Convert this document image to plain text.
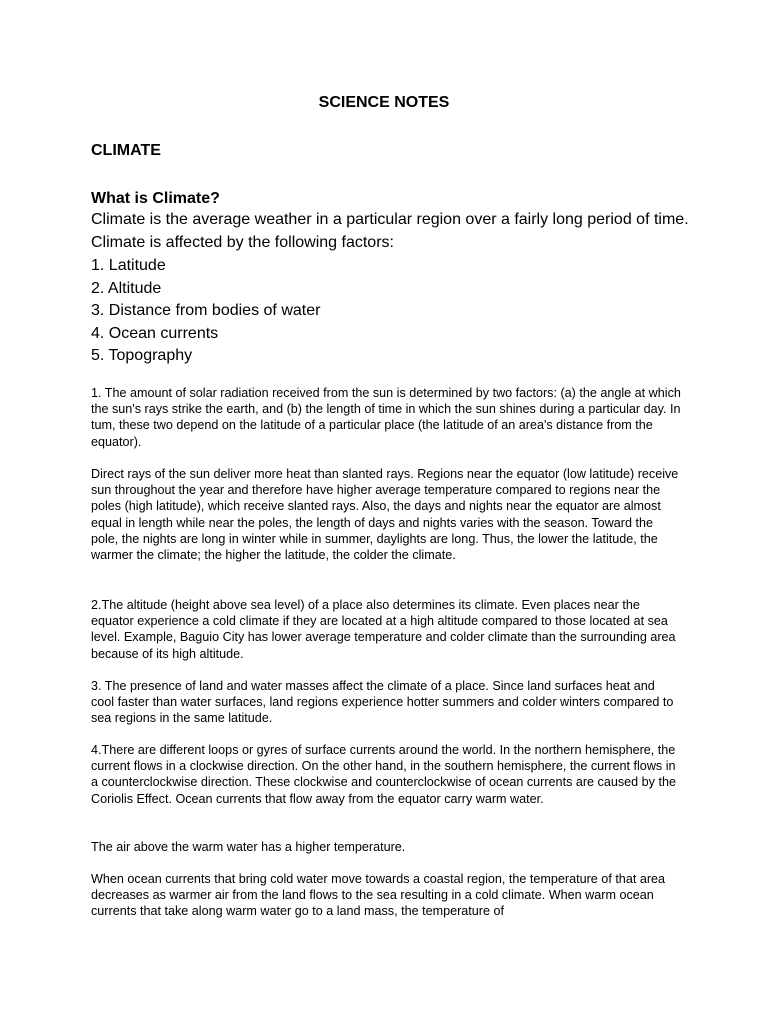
SCIENCE NOTES
CLIMATE
What is Climate?
Climate is the average weather in a particular region over a fairly long period of time. Climate is affected by the following factors:
1. Latitude
2. Altitude
3. Distance from bodies of water
4. Ocean currents
5. Topography

1. The amount of solar radiation received from the sun is determined by two factors: (a) the angle at which the sun's rays strike the earth, and (b) the length of time in which the sun shines during a particular day. In tum, these two depend on the latitude of a particular place (the latitude of an area's distance from the equator).

Direct rays of the sun deliver more heat than slanted rays. Regions near the equator (low latitude) receive sun throughout the year and therefore have higher average temperature compared to regions near the poles (high latitude), which receive slanted rays. Also, the days and nights near the equator are almost equal in length while near the poles, the length of days and nights varies with the season. Toward the pole, the nights are long in winter while in summer, daylights are long. Thus, the lower the latitude, the warmer the climate; the higher the latitude, the colder the climate.

2.The altitude (height above sea level) of a place also determines its climate. Even places near the equator experience a cold climate if they are located at a high altitude compared to those located at sea level. Example, Baguio City has lower average temperature and colder climate than the surrounding area because of its high altitude.

3. The presence of land and water masses affect the climate of a place. Since land surfaces heat and cool faster than water surfaces, land regions experience hotter summers and colder winters compared to sea regions in the same latitude.

4.There are different loops or gyres of surface currents around the world. In the northern hemisphere, the current flows in a clockwise direction. On the other hand, in the southern hemisphere, the current flows in a counterclockwise direction. These clockwise and counterclockwise of ocean currents are caused by the Coriolis Effect. Ocean currents that flow away from the equator carry warm water.

The air above the warm water has a higher temperature.

When ocean currents that bring cold water move towards a coastal region, the temperature of that area decreases as warmer air from the land flows to the sea resulting in a cold climate. When warm ocean currents that take along warm water go to a land mass, the temperature of
